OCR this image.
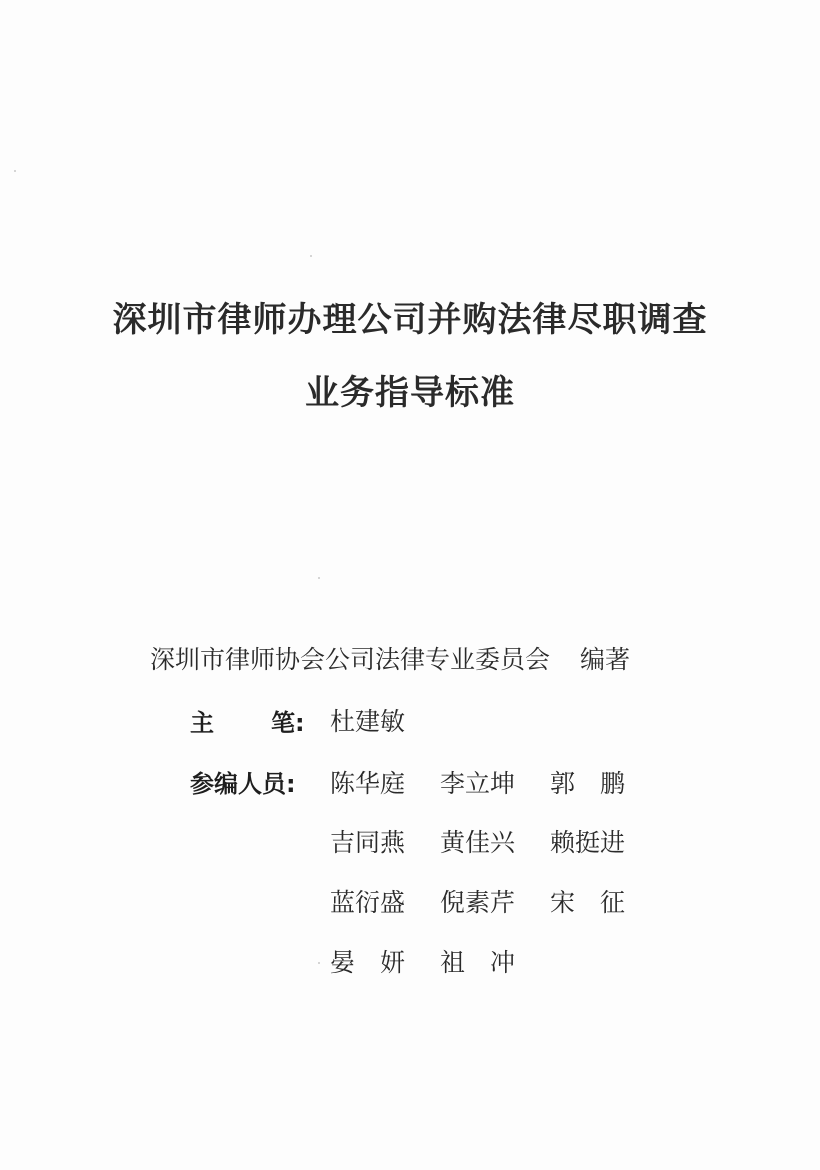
深圳市律师办理公司并购法律尽职调查
业务指导标准
深圳市律师协会公司法律专业委员会 编著
主 笔: 杜建敏
参编人员: 陈华庭	李立坤	郭　鹏
吉同燕	黄佳兴	赖挺进
蓝衍盛	倪素芹	宋　征
晏　妍	祖　冲
